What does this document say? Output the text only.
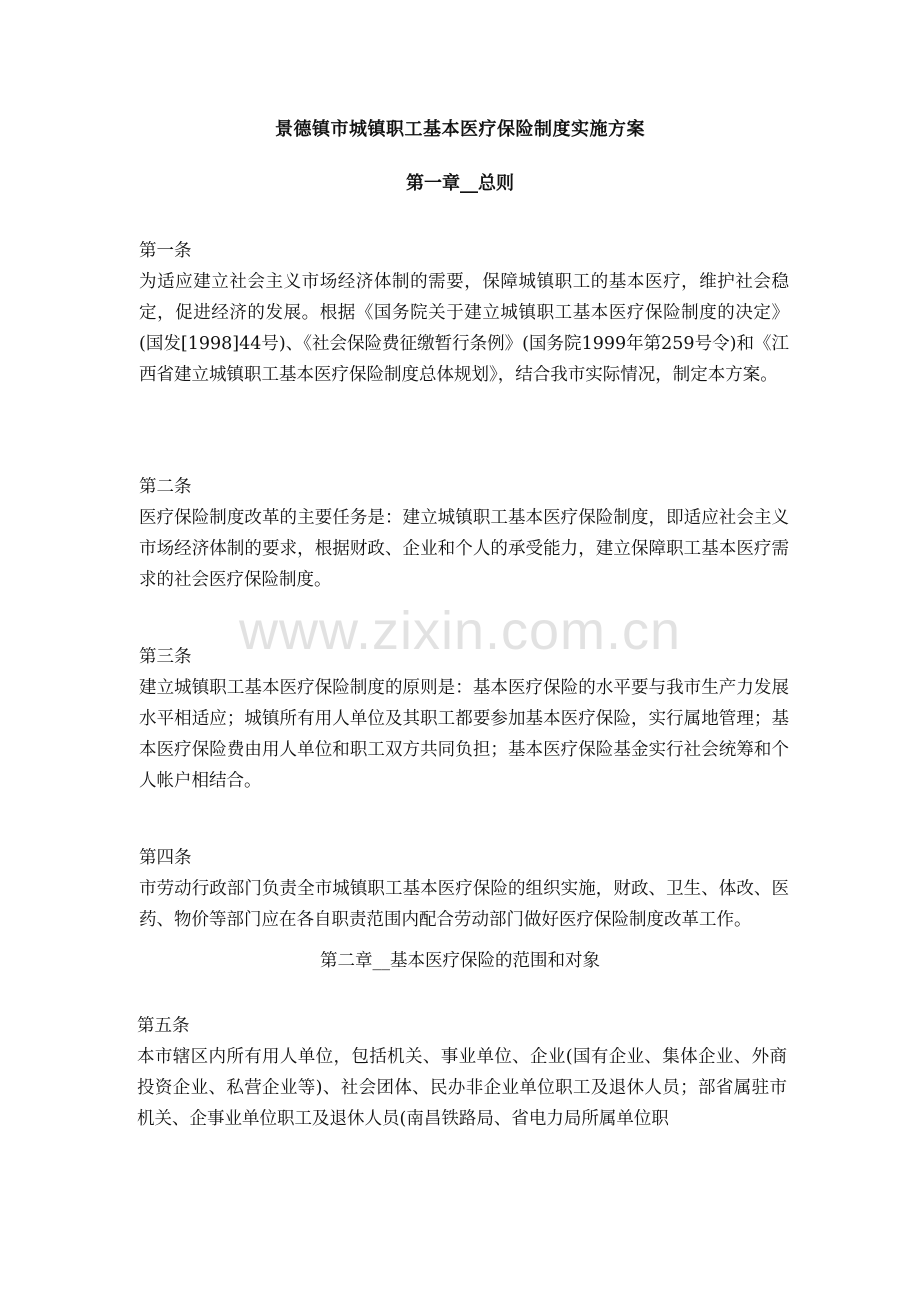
景德镇市城镇职工基本医疗保险制度实施方案
第一章__总则

第一条

为适应建立社会主义市场经济体制的需要，保障城镇职工的基本医疗，维护社会稳定，促进经济的发展。根据《国务院关于建立城镇职工基本医疗保险制度的决定》(国发[1998]44号)、《社会保险费征缴暂行条例》(国务院1999年第259号令)和《江西省建立城镇职工基本医疗保险制度总体规划》，结合我市实际情况，制定本方案。

第二条

医疗保险制度改革的主要任务是：建立城镇职工基本医疗保险制度，即适应社会主义市场经济体制的要求，根据财政、企业和个人的承受能力，建立保障职工基本医疗需求的社会医疗保险制度。

第三条

建立城镇职工基本医疗保险制度的原则是：基本医疗保险的水平要与我市生产力发展水平相适应；城镇所有用人单位及其职工都要参加基本医疗保险，实行属地管理；基本医疗保险费由用人单位和职工双方共同负担；基本医疗保险基金实行社会统筹和个人帐户相结合。

第四条

市劳动行政部门负责全市城镇职工基本医疗保险的组织实施，财政、卫生、体改、医药、物价等部门应在各自职责范围内配合劳动部门做好医疗保险制度改革工作。

第二章__基本医疗保险的范围和对象

第五条

本市辖区内所有用人单位，包括机关、事业单位、企业(国有企业、集体企业、外商投资企业、私营企业等)、社会团体、民办非企业单位职工及退休人员；部省属驻市机关、企事业单位职工及退休人员(南昌铁路局、省电力局所属单位职

www.zixin.com.cn
